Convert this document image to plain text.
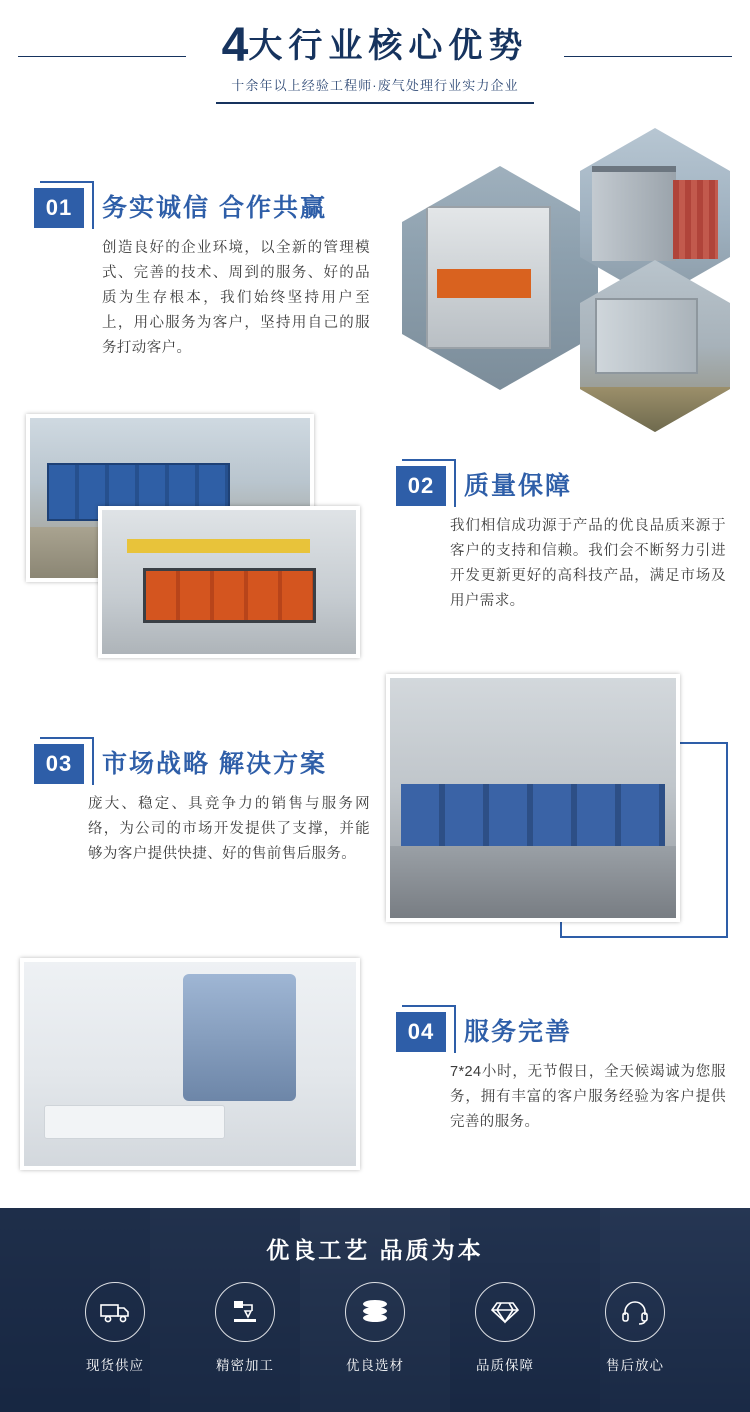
4大行业核心优势
十余年以上经验工程师·废气处理行业实力企业
01	务实诚信 合作共赢
创造良好的企业环境，以全新的管理模式、完善的技术、周到的服务、好的品质为生存根本，我们始终坚持用户至上，用心服务为客户，坚持用自己的服务打动客户。
02	质量保障
我们相信成功源于产品的优良品质来源于客户的支持和信赖。我们会不断努力引进开发更新更好的高科技产品，满足市场及用户需求。
03	市场战略 解决方案
庞大、稳定、具竞争力的销售与服务网络，为公司的市场开发提供了支撑，并能够为客户提供快捷、好的售前售后服务。
04	服务完善
7*24小时，无节假日，全天候竭诚为您服务，拥有丰富的客户服务经验为客户提供完善的服务。
优良工艺 品质为本
现货供应	精密加工	优良选材	品质保障	售后放心
